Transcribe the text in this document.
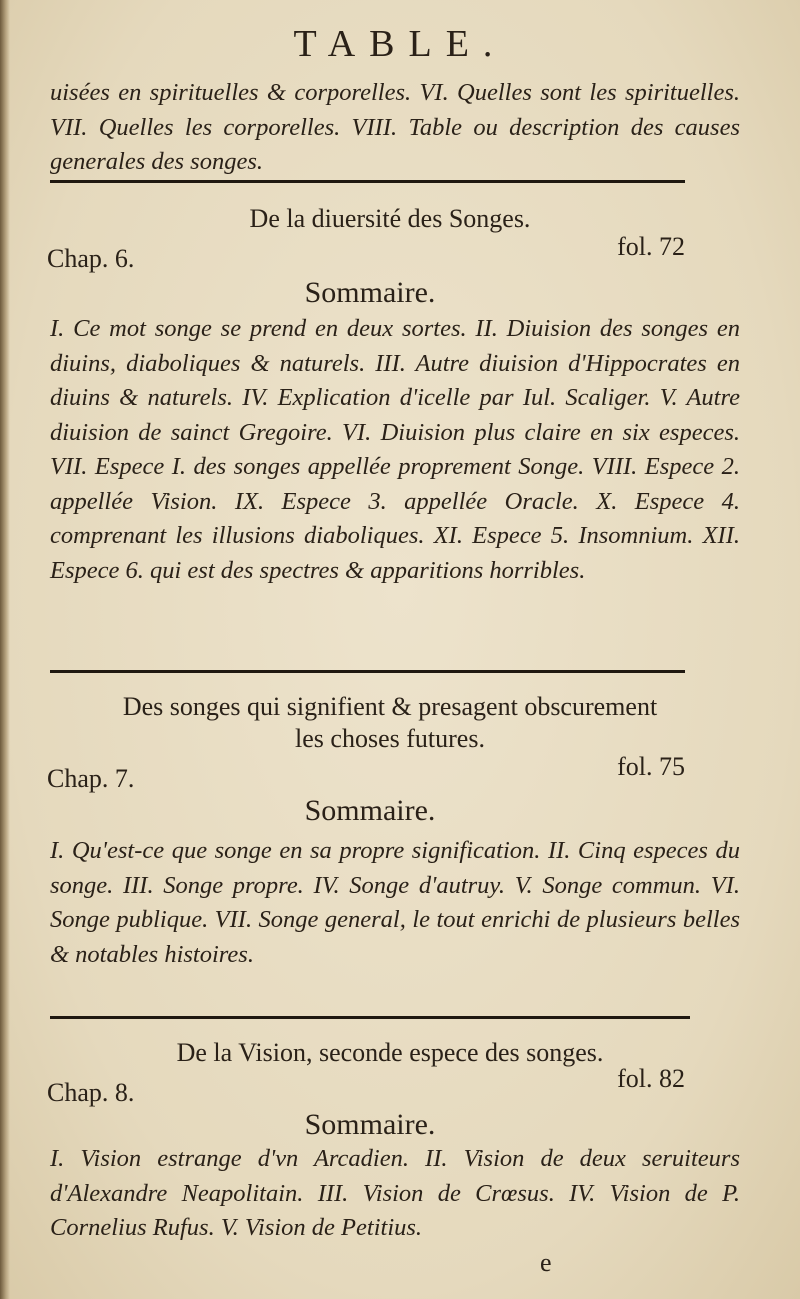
TABLE.
uisées en spirituelles & corporelles. VI. Quelles sont les spirituelles. VII. Quelles les corporelles. VIII. Table ou description des causes generales des songes.
De la diuersité des Songes.
Chap. 6.	fol. 72
Sommaire.
I. Ce mot songe se prend en deux sortes. II. Diuision des songes en diuins, diaboliques & naturels. III. Autre diuision d'Hippocrates en diuins & naturels. IV. Explication d'icelle par Iul. Scaliger. V. Autre diuision de sainct Gregoire. VI. Diuision plus claire en six especes. VII. Espece I. des songes appellée proprement Songe. VIII. Espece 2. appellée Vision. IX. Espece 3. appellée Oracle. X. Espece 4. comprenant les illusions diaboliques. XI. Espece 5. Insomnium. XII. Espece 6. qui est des spectres & apparitions horribles.
Des songes qui signifient & presagent obscurement
les choses futures.
Chap. 7.	fol. 75
Sommaire.
I. Qu'est-ce que songe en sa propre signification. II. Cinq especes du songe. III. Songe propre. IV. Songe d'autruy. V. Songe commun. VI. Songe publique. VII. Songe general, le tout enrichi de plusieurs belles & notables histoires.
De la Vision, seconde espece des songes.
Chap. 8.	fol. 82
Sommaire.
I. Vision estrange d'vn Arcadien. II. Vision de deux seruiteurs d'Alexandre Neapolitain. III. Vision de Crœsus. IV. Vision de P. Cornelius Rufus. V. Vision de Petitius.
e
